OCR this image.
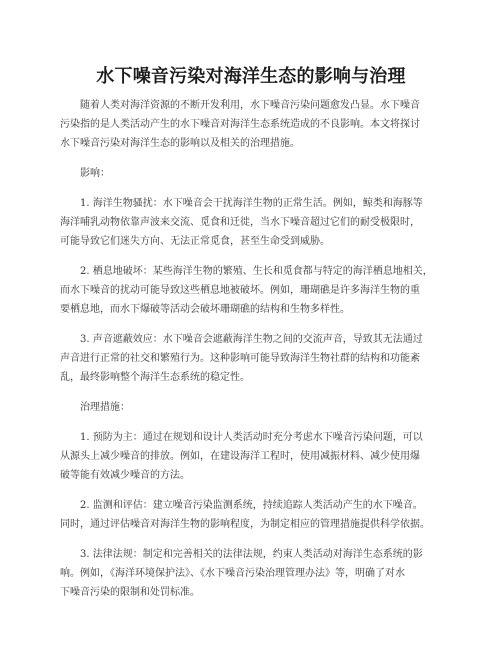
水下噪音污染对海洋生态的影响与治理

随着人类对海洋资源的不断开发利用，水下噪音污染问题愈发凸显。水下噪音
污染指的是人类活动产生的水下噪音对海洋生态系统造成的不良影响。本文将探讨
水下噪音污染对海洋生态的影响以及相关的治理措施。

影响：

1. 海洋生物骚扰：水下噪音会干扰海洋生物的正常生活。例如，鲸类和海豚等
海洋哺乳动物依靠声波来交流、觅食和迁徙，当水下噪音超过它们的耐受极限时，
可能导致它们迷失方向、无法正常觅食，甚至生命受到威胁。

2. 栖息地破坏：某些海洋生物的繁殖、生长和觅食都与特定的海洋栖息地相关，
而水下噪音的扰动可能导致这些栖息地被破坏。例如，珊瑚礁是许多海洋生物的重
要栖息地，而水下爆破等活动会破坏珊瑚礁的结构和生物多样性。

3. 声音遮蔽效应：水下噪音会遮蔽海洋生物之间的交流声音，导致其无法通过
声音进行正常的社交和繁殖行为。这种影响可能导致海洋生物社群的结构和功能紊
乱，最终影响整个海洋生态系统的稳定性。

治理措施：

1. 预防为主：通过在规划和设计人类活动时充分考虑水下噪音污染问题，可以
从源头上减少噪音的排放。例如，在建设海洋工程时，使用减振材料、减少使用爆
破等能有效减少噪音的方法。

2. 监测和评估：建立噪音污染监测系统，持续追踪人类活动产生的水下噪音。
同时，通过评估噪音对海洋生物的影响程度，为制定相应的管理措施提供科学依据。

3. 法律法规：制定和完善相关的法律法规，约束人类活动对海洋生态系统的影
响。例如，《海洋环境保护法》、《水下噪音污染治理管理办法》等，明确了对水
下噪音污染的限制和处罚标准。
